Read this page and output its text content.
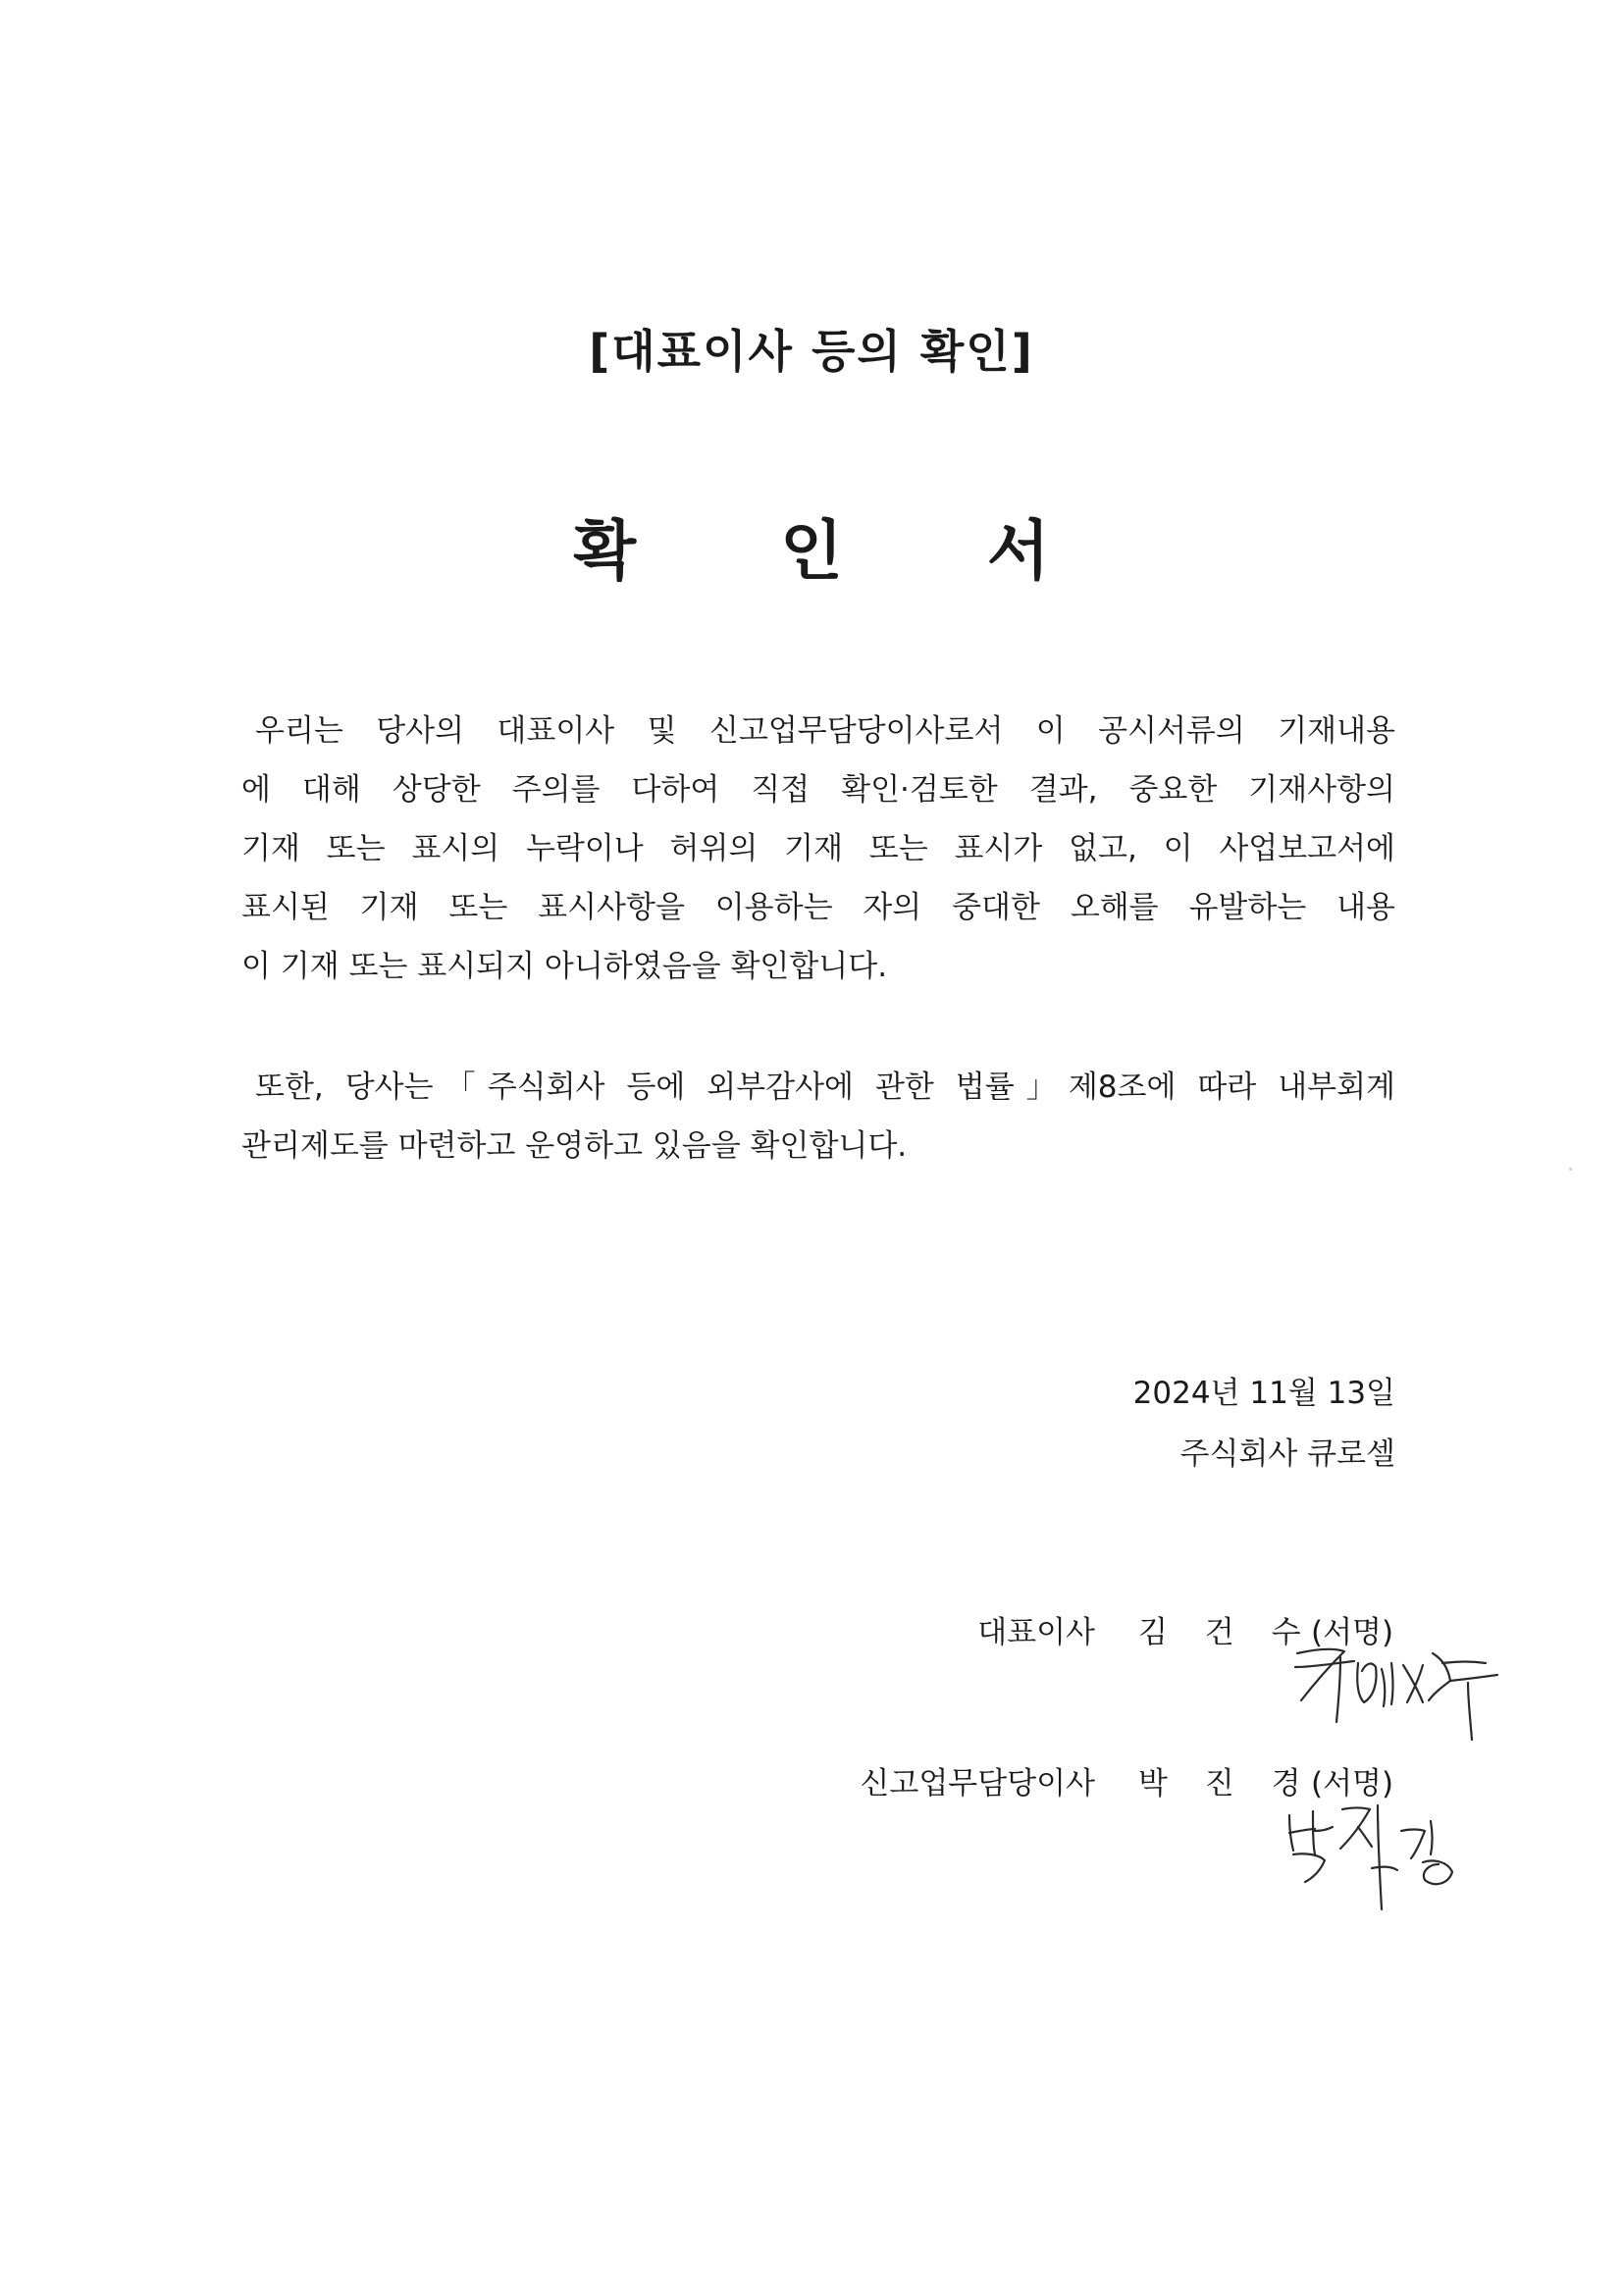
[대표이사 등의 확인]
확 인 서
우리는 당사의 대표이사 및 신고업무담당이사로서 이 공시서류의 기재내용
에 대해 상당한 주의를 다하여 직접 확인·검토한 결과, 중요한 기재사항의
기재 또는 표시의 누락이나 허위의 기재 또는 표시가 없고, 이 사업보고서에
표시된 기재 또는 표시사항을 이용하는 자의 중대한 오해를 유발하는 내용
이 기재 또는 표시되지 아니하였음을 확인합니다.
또한, 당사는「주식회사 등에 외부감사에 관한 법률」제8조에 따라 내부회계
관리제도를 마련하고 운영하고 있음을 확인합니다.
2024년 11월 13일
주식회사 큐로셀
대표이사 김 건 수
(서명)
신고업무담당이사 박 진 경
(서명)
